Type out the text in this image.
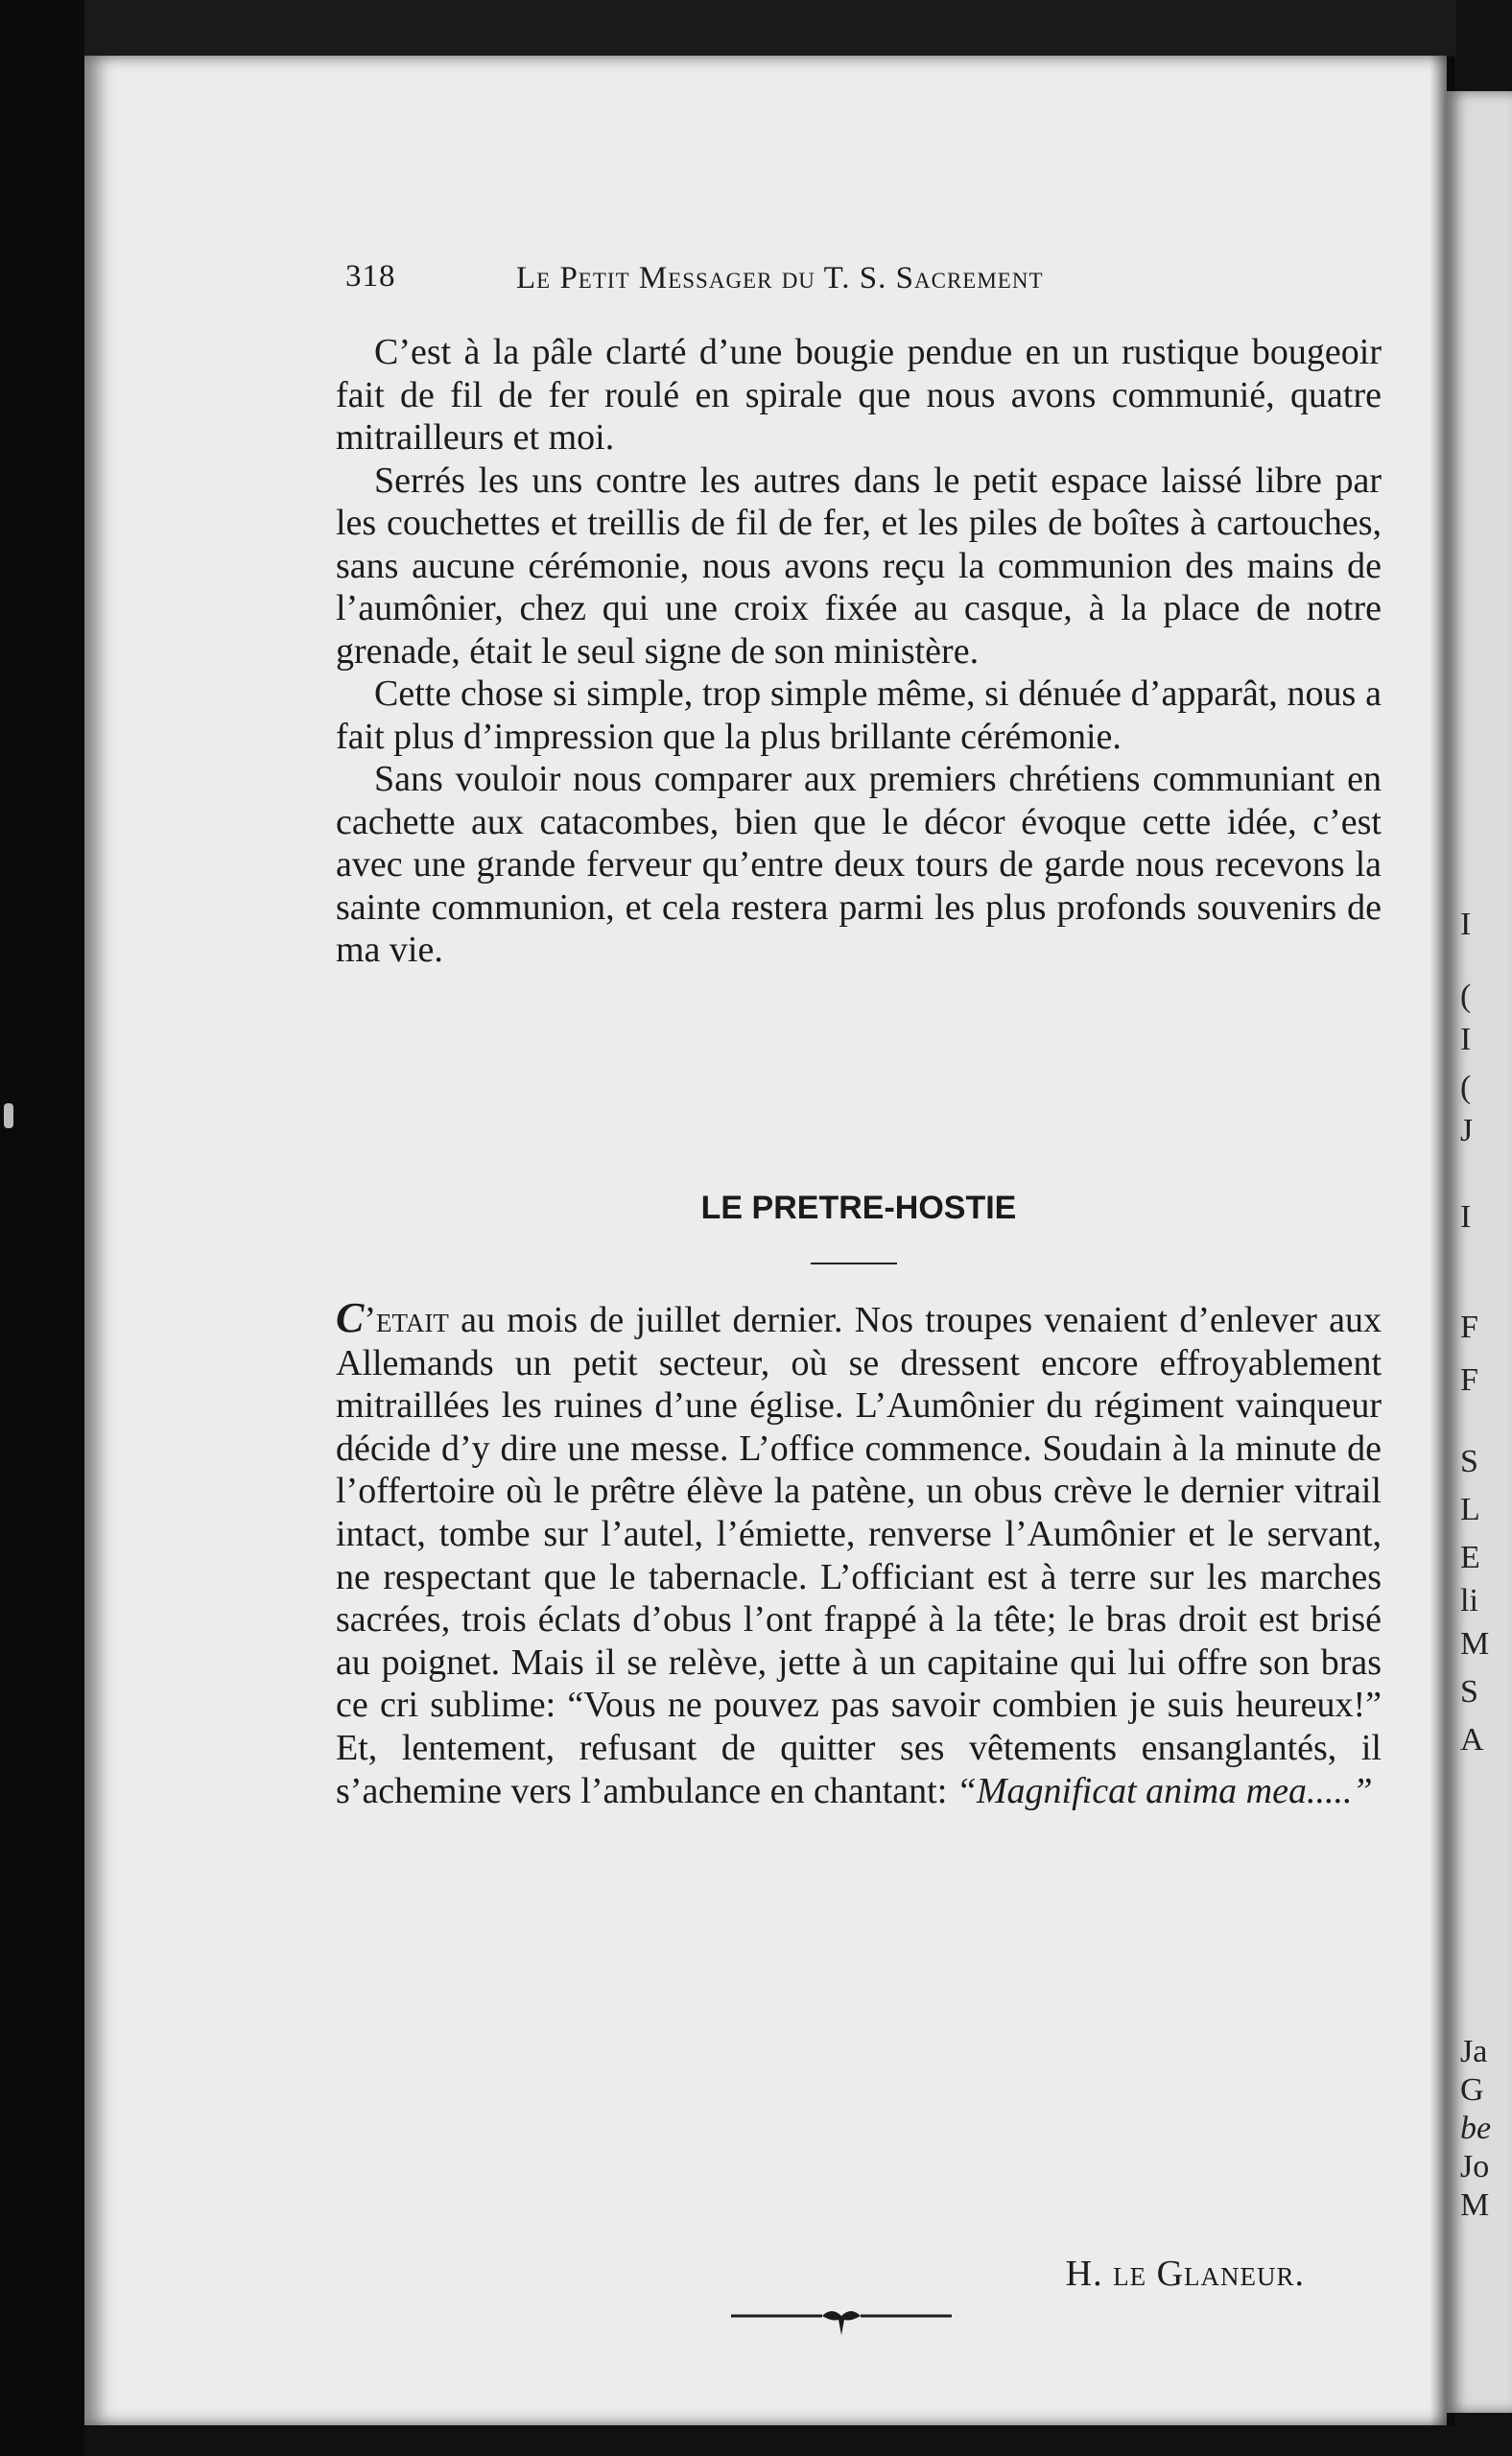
I
(
I
(
J
I
F
F
S
L
E
li
M
S
A
Ja
G
be
Jo
M
318	Le Petit Messager du T. S. Sacrement

C’est à la pâle clarté d’une bougie pendue en un rustique bougeoir fait de fil de fer roulé en spirale que nous avons communié, quatre mitrailleurs et moi.

Serrés les uns contre les autres dans le petit espace laissé libre par les couchettes et treillis de fil de fer, et les piles de boîtes à cartouches, sans aucune cérémonie, nous avons reçu la communion des mains de l’aumônier, chez qui une croix fixée au casque, à la place de notre grenade, était le seul signe de son ministère.

Cette chose si simple, trop simple même, si dénuée d’apparât, nous a fait plus d’impression que la plus brillante cérémonie.

Sans vouloir nous comparer aux premiers chrétiens communiant en cachette aux catacombes, bien que le décor évoque cette idée, c’est avec une grande ferveur qu’entre deux tours de garde nous recevons la sainte communion, et cela restera parmi les plus profonds souvenirs de ma vie.

LE PRETRE-HOSTIE

C’etait au mois de juillet dernier. Nos troupes venaient d’enlever aux Allemands un petit secteur, où se dressent encore effroyablement mitraillées les ruines d’une église. L’Aumônier du régiment vainqueur décide d’y dire une messe. L’office commence. Soudain à la minute de l’offertoire où le prêtre élève la patène, un obus crève le dernier vitrail intact, tombe sur l’autel, l’émiette, renverse l’Aumônier et le servant, ne respectant que le tabernacle. L’officiant est à terre sur les marches sacrées, trois éclats d’obus l’ont frappé à la tête; le bras droit est brisé au poignet. Mais il se relève, jette à un capitaine qui lui offre son bras ce cri sublime: “Vous ne pouvez pas savoir combien je suis heureux!” Et, lentement, refusant de quitter ses vêtements ensanglantés, il s’achemine vers l’ambulance en chantant: “Magnificat anima mea.....”

H. le Glaneur.
